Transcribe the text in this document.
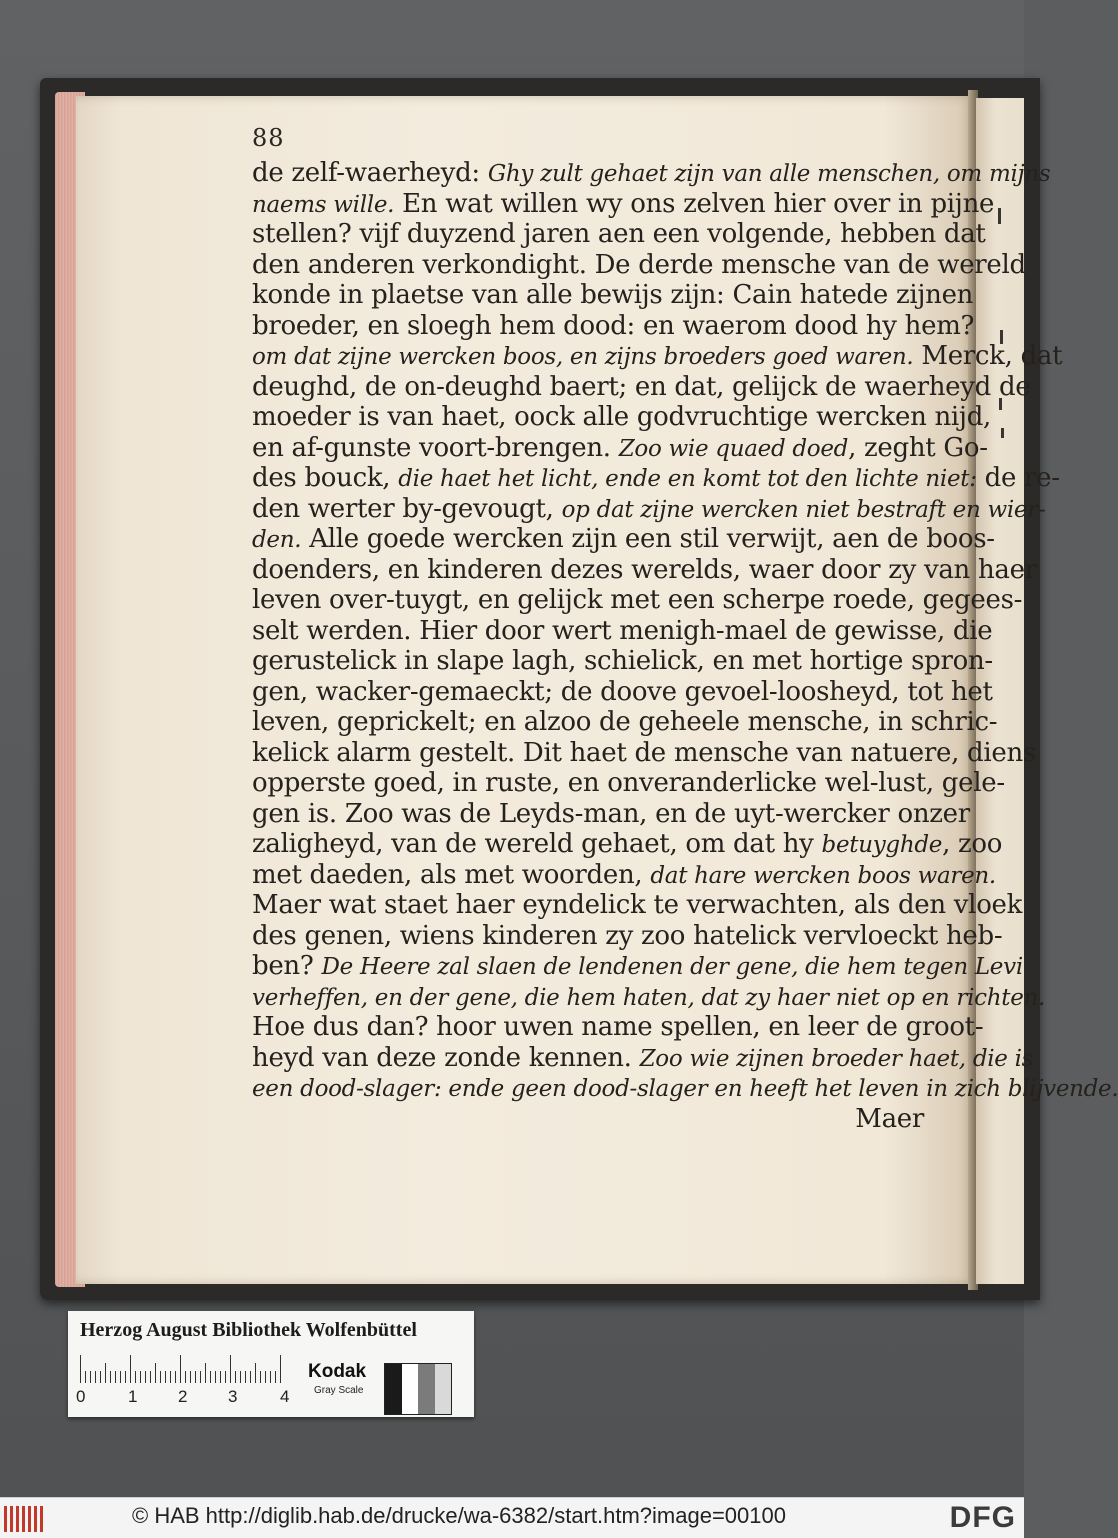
88

de zelf-waerheyd: Ghy zult gehaet zijn van alle menschen, om mijns
naems wille. En wat willen wy ons zelven hier over in pijne
stellen? vijf duyzend jaren aen een volgende, hebben dat
den anderen verkondight. De derde mensche van de wereld
konde in plaetse van alle bewijs zijn: Cain hatede zijnen
broeder, en sloegh hem dood: en waerom dood hy hem?
om dat zijne wercken boos, en zijns broeders goed waren. Merck, dat
deughd, de on-deughd baert; en dat, gelijck de waerheyd de
moeder is van haet, oock alle godvruchtige wercken nijd,
en af-gunste voort-brengen. Zoo wie quaed doed, zeght Go-
des bouck, die haet het licht, ende en komt tot den lichte niet: de re-
den werter by-gevougt, op dat zijne wercken niet bestraft en wier-
den. Alle goede wercken zijn een stil verwijt, aen de boos-
doenders, en kinderen dezes werelds, waer door zy van haer
leven over-tuygt, en gelijck met een scherpe roede, gegees-
selt werden. Hier door wert menigh-mael de gewisse, die
gerustelick in slape lagh, schielick, en met hortige spron-
gen, wacker-gemaeckt; de doove gevoel-loosheyd, tot het
leven, geprickelt; en alzoo de geheele mensche, in schric-
kelick alarm gestelt. Dit haet de mensche van natuere, diens
opperste goed, in ruste, en onveranderlicke wel-lust, gele-
gen is. Zoo was de Leyds-man, en de uyt-wercker onzer
zaligheyd, van de wereld gehaet, om dat hy betuyghde, zoo
met daeden, als met woorden, dat hare wercken boos waren.
Maer wat staet haer eyndelick te verwachten, als den vloek
des genen, wiens kinderen zy zoo hatelick vervloeckt heb-
ben? De Heere zal slaen de lendenen der gene, die hem tegen Levi
verheffen, en der gene, die hem haten, dat zy haer niet op en richten.
Hoe dus dan? hoor uwen name spellen, en leer de groot-
heyd van deze zonde kennen. Zoo wie zijnen broeder haet, die is
een dood-slager: ende geen dood-slager en heeft het leven in zich blijvende.
Maer

Herzog August Bibliothek Wolfenbüttel

0	1 2 3	4

Kodak

Gray Scale

© HAB http://diglib.hab.de/drucke/wa-6382/start.htm?image=00100	DFG
